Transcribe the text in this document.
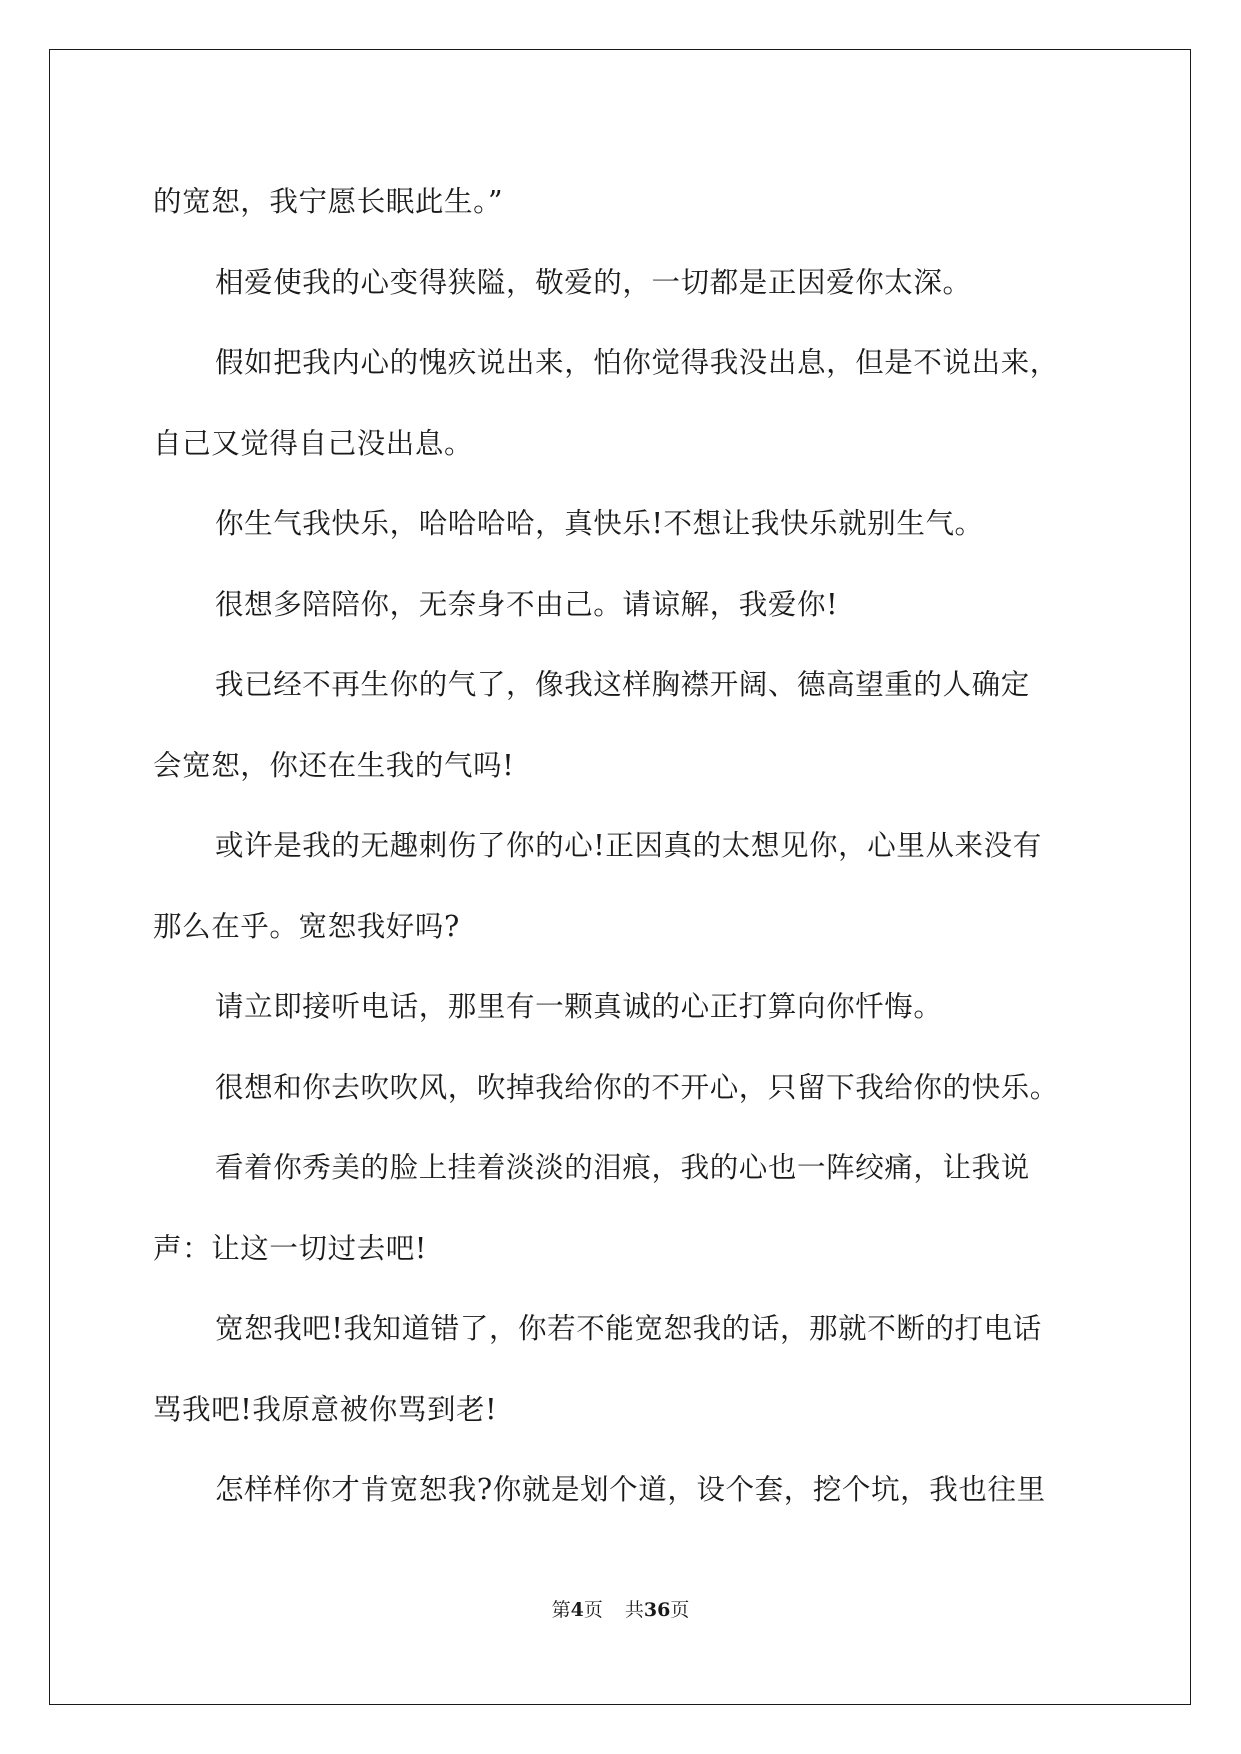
的宽恕，我宁愿长眠此生。”

相爱使我的心变得狭隘，敬爱的，一切都是正因爱你太深。

假如把我内心的愧疚说出来，怕你觉得我没出息，但是不说出来，

自己又觉得自己没出息。

你生气我快乐，哈哈哈哈，真快乐!不想让我快乐就别生气。

很想多陪陪你，无奈身不由己。请谅解，我爱你!

我已经不再生你的气了，像我这样胸襟开阔、德高望重的人确定

会宽恕，你还在生我的气吗!

或许是我的无趣刺伤了你的心!正因真的太想见你，心里从来没有

那么在乎。宽恕我好吗?

请立即接听电话，那里有一颗真诚的心正打算向你忏悔。

很想和你去吹吹风，吹掉我给你的不开心，只留下我给你的快乐。

看着你秀美的脸上挂着淡淡的泪痕，我的心也一阵绞痛，让我说

声：让这一切过去吧!

宽恕我吧!我知道错了，你若不能宽恕我的话，那就不断的打电话

骂我吧!我原意被你骂到老!

怎样样你才肯宽恕我?你就是划个道，设个套，挖个坑，我也往里

第4页 共36页
